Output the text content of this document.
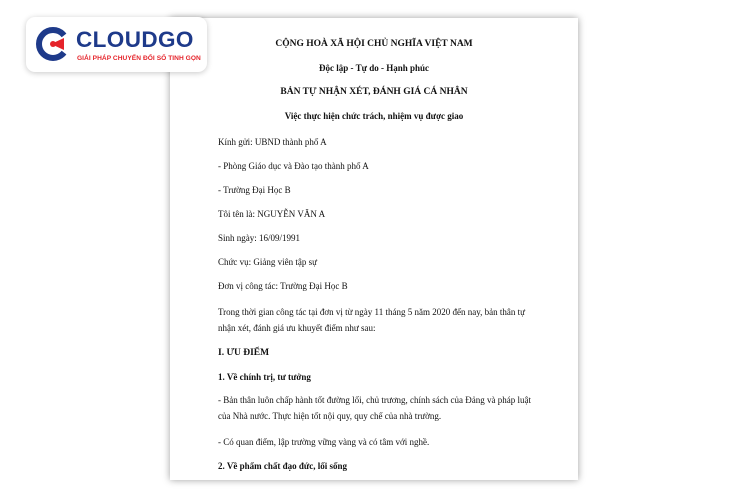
CLOUDGO
GIẢI PHÁP CHUYỂN ĐỔI SỐ TINH GỌN
CỘNG HOÀ XÃ HỘI CHỦ NGHĨA VIỆT NAM
Độc lập - Tự do - Hạnh phúc
BẢN TỰ NHẬN XÉT, ĐÁNH GIÁ CÁ NHÂN
Việc thực hiện chức trách, nhiệm vụ được giao
Kính gửi: UBND thành phố A
- Phòng Giáo dục và Đào tạo thành phố A
- Trường Đại Học B
Tôi tên là: NGUYỄN VĂN A
Sinh ngày: 16/09/1991
Chức vụ: Giảng viên tập sự
Đơn vị công tác: Trường Đại Học B
Trong thời gian công tác tại đơn vị từ ngày 11 tháng 5 năm 2020 đến nay, bản thân tự nhận xét, đánh giá ưu khuyết điểm như sau:
I. ƯU ĐIỂM
1. Về chính trị, tư tưởng
- Bản thân luôn chấp hành tốt đường lối, chủ trương, chính sách của Đảng và pháp luật của Nhà nước. Thực hiện tốt nội quy, quy chế của nhà trường.
- Có quan điểm, lập trường vững vàng và có tâm với nghề.
2. Về phẩm chất đạo đức, lối sống
